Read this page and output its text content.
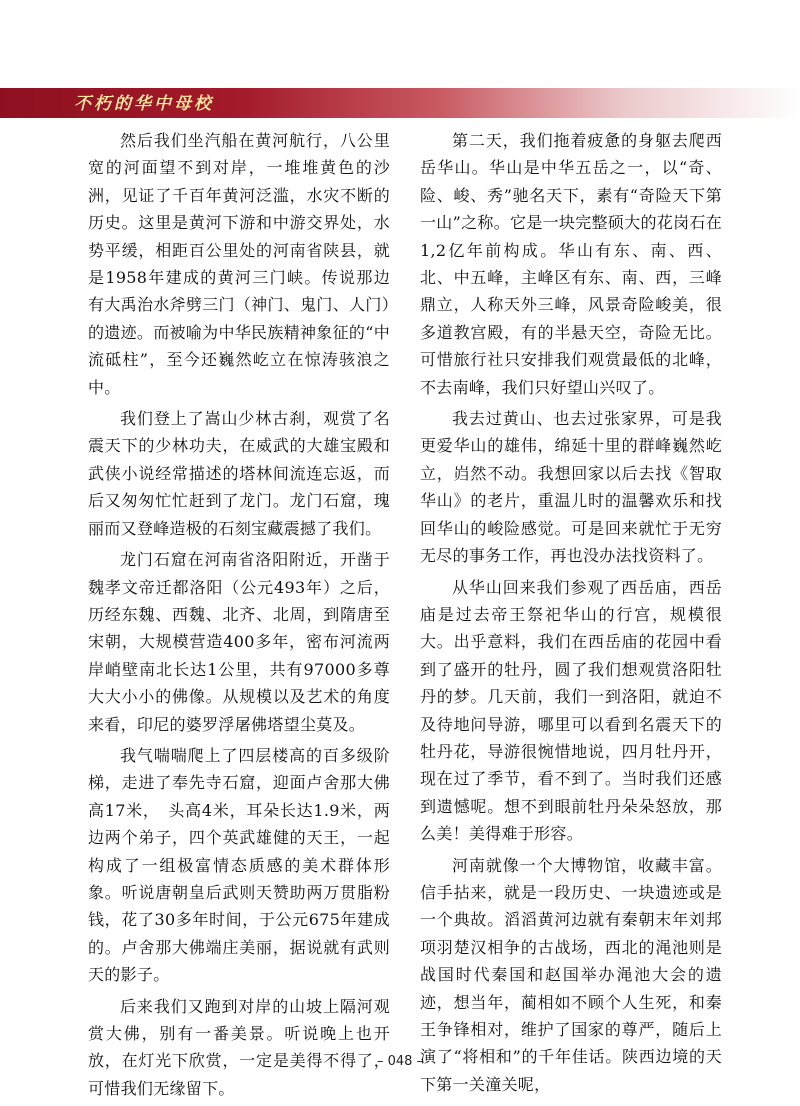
不朽的华中母校

然后我们坐汽船在黄河航行，八公里宽的河面望不到对岸，一堆堆黄色的沙洲，见证了千百年黄河泛滥，水灾不断的历史。这里是黄河下游和中游交界处，水势平缓，相距百公里处的河南省陕县，就是1958年建成的黄河三门峡。传说那边有大禹治水斧劈三门（神门、鬼门、人门）的遗迹。而被喻为中华民族精神象征的“中流砥柱”，至今还巍然屹立在惊涛骇浪之中。

我们登上了嵩山少林古刹，观赏了名震天下的少林功夫，在威武的大雄宝殿和武侠小说经常描述的塔林间流连忘返，而后又匆匆忙忙赶到了龙门。龙门石窟，瑰丽而又登峰造极的石刻宝藏震撼了我们。

龙门石窟在河南省洛阳附近，开凿于魏孝文帝迁都洛阳（公元493年）之后，历经东魏、西魏、北齐、北周，到隋唐至宋朝，大规模营造400多年，密布河流两岸峭壁南北长达1公里，共有97000多尊大大小小的佛像。从规模以及艺术的角度来看，印尼的婆罗浮屠佛塔望尘莫及。

我气喘喘爬上了四层楼高的百多级阶梯，走进了奉先寺石窟，迎面卢舍那大佛高17米，　头高4米，耳朵长达1.9米，两边两个弟子，四个英武雄健的天王，一起构成了一组极富情态质感的美术群体形象。听说唐朝皇后武则天赞助两万贯脂粉钱，花了30多年时间，于公元675年建成的。卢舍那大佛端庄美丽，据说就有武则天的影子。

后来我们又跑到对岸的山坡上隔河观赏大佛，别有一番美景。听说晚上也开放，在灯光下欣赏，一定是美得不得了，可惜我们无缘留下。

第二天，我们拖着疲惫的身躯去爬西岳华山。华山是中华五岳之一，以“奇、险、峻、秀”驰名天下，素有“奇险天下第一山”之称。它是一块完整硕大的花岗石在1,2亿年前构成。华山有东、南、西、北、中五峰，主峰区有东、南、西，三峰鼎立，人称天外三峰，风景奇险峻美，很多道教宫殿，有的半悬天空，奇险无比。可惜旅行社只安排我们观赏最低的北峰，不去南峰，我们只好望山兴叹了。

我去过黄山、也去过张家界，可是我更爱华山的雄伟，绵延十里的群峰巍然屹立，岿然不动。我想回家以后去找《智取华山》的老片，重温儿时的温馨欢乐和找回华山的峻险感觉。可是回来就忙于无穷无尽的事务工作，再也没办法找资料了。

从华山回来我们参观了西岳庙，西岳庙是过去帝王祭祀华山的行宫，规模很大。出乎意料，我们在西岳庙的花园中看到了盛开的牡丹，圆了我们想观赏洛阳牡丹的梦。几天前，我们一到洛阳，就迫不及待地问导游，哪里可以看到名震天下的牡丹花，导游很惋惜地说，四月牡丹开，现在过了季节，看不到了。当时我们还感到遗憾呢。想不到眼前牡丹朵朵怒放，那么美！美得难于形容。

河南就像一个大博物馆，收藏丰富。信手拈来，就是一段历史、一块遗迹或是一个典故。滔滔黄河边就有秦朝末年刘邦项羽楚汉相争的古战场，西北的渑池则是战国时代秦国和赵国举办渑池大会的遗迹，想当年，蔺相如不顾个人生死，和秦王争锋相对，维护了国家的尊严，随后上演了“将相和”的千年佳话。陕西边境的天下第一关潼关呢，

– 048 –
